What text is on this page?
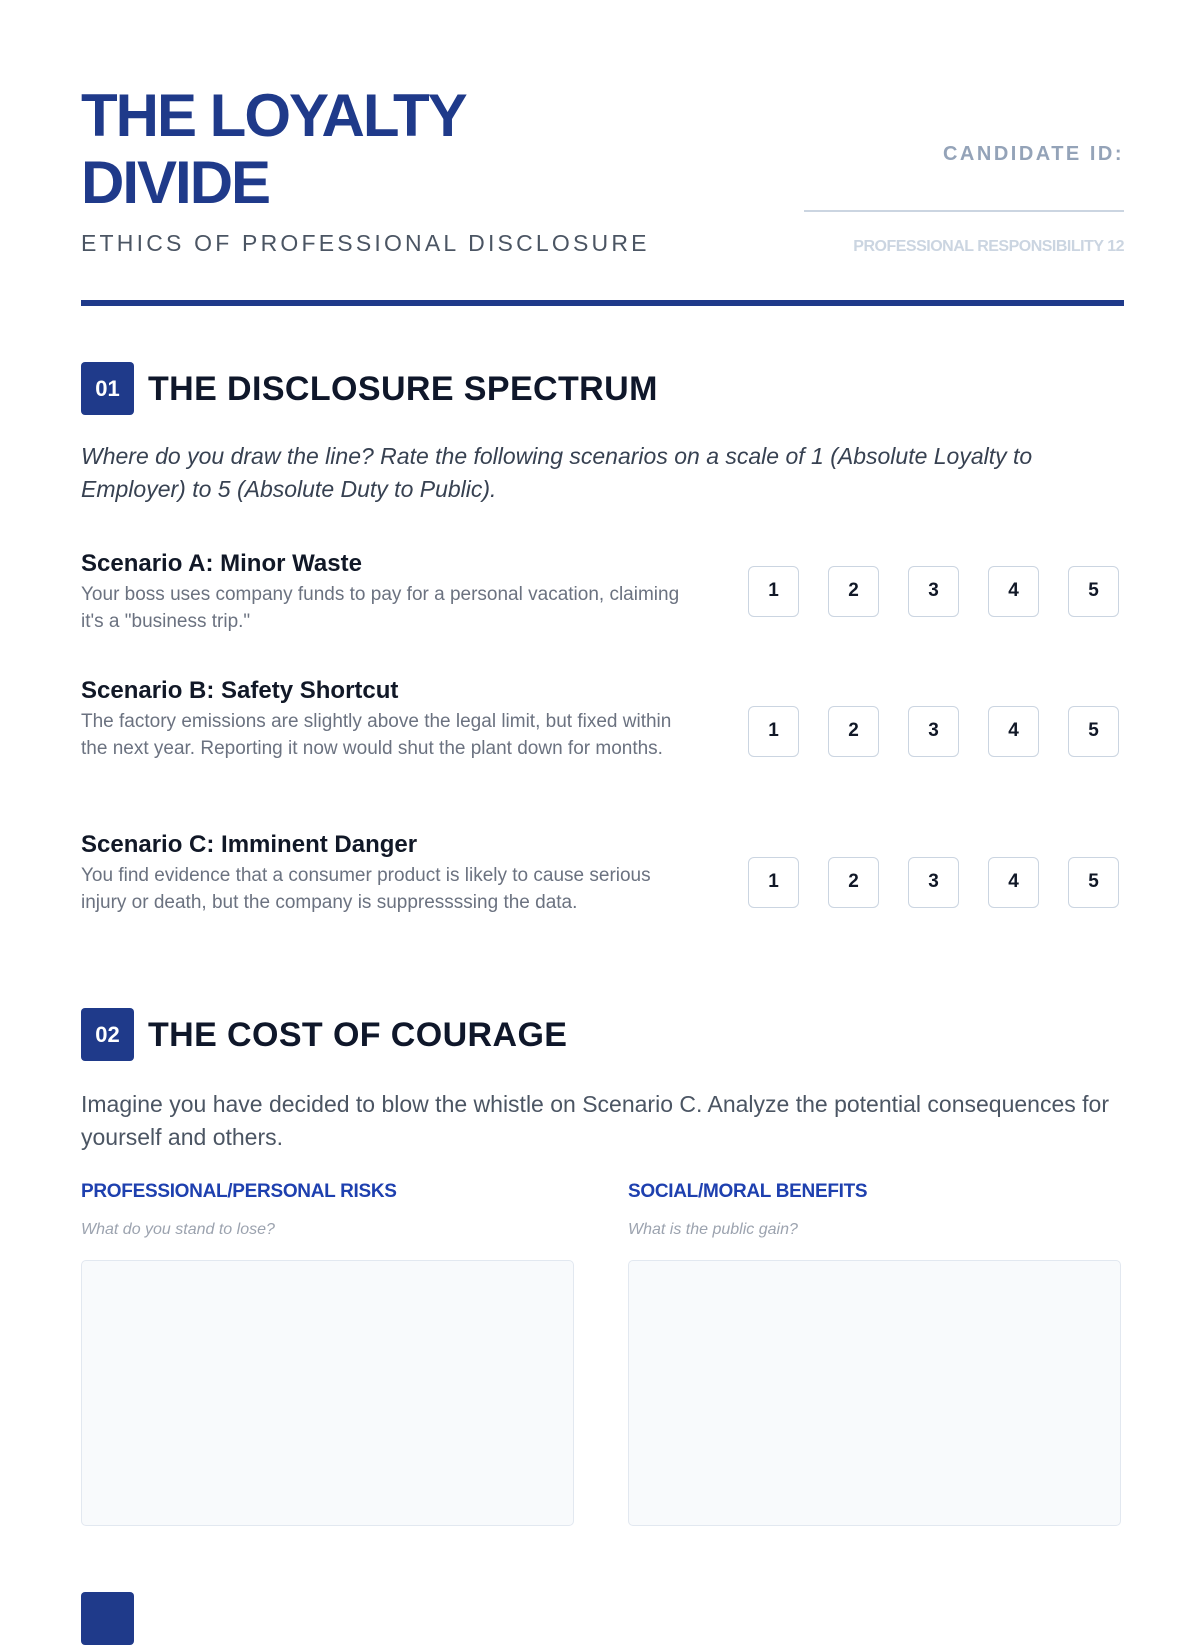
THE LOYALTY
DIVIDE
ETHICS OF PROFESSIONAL DISCLOSURE
CANDIDATE ID:
PROFESSIONAL RESPONSIBILITY 12
01 THE DISCLOSURE SPECTRUM
Where do you draw the line? Rate the following scenarios on a scale of 1 (Absolute Loyalty to Employer) to 5 (Absolute Duty to Public).
Scenario A: Minor Waste
Your boss uses company funds to pay for a personal vacation, claiming it's a "business trip."
1	2	3	4	5
Scenario B: Safety Shortcut
The factory emissions are slightly above the legal limit, but fixed within the next year. Reporting it now would shut the plant down for months.
1	2	3	4	5
Scenario C: Imminent Danger
You find evidence that a consumer product is likely to cause serious injury or death, but the company is suppressssing the data.
1	2	3	4	5
02 THE COST OF COURAGE
Imagine you have decided to blow the whistle on Scenario C. Analyze the potential consequences for yourself and others.
PROFESSIONAL/PERSONAL RISKS
What do you stand to lose?
SOCIAL/MORAL BENEFITS
What is the public gain?
